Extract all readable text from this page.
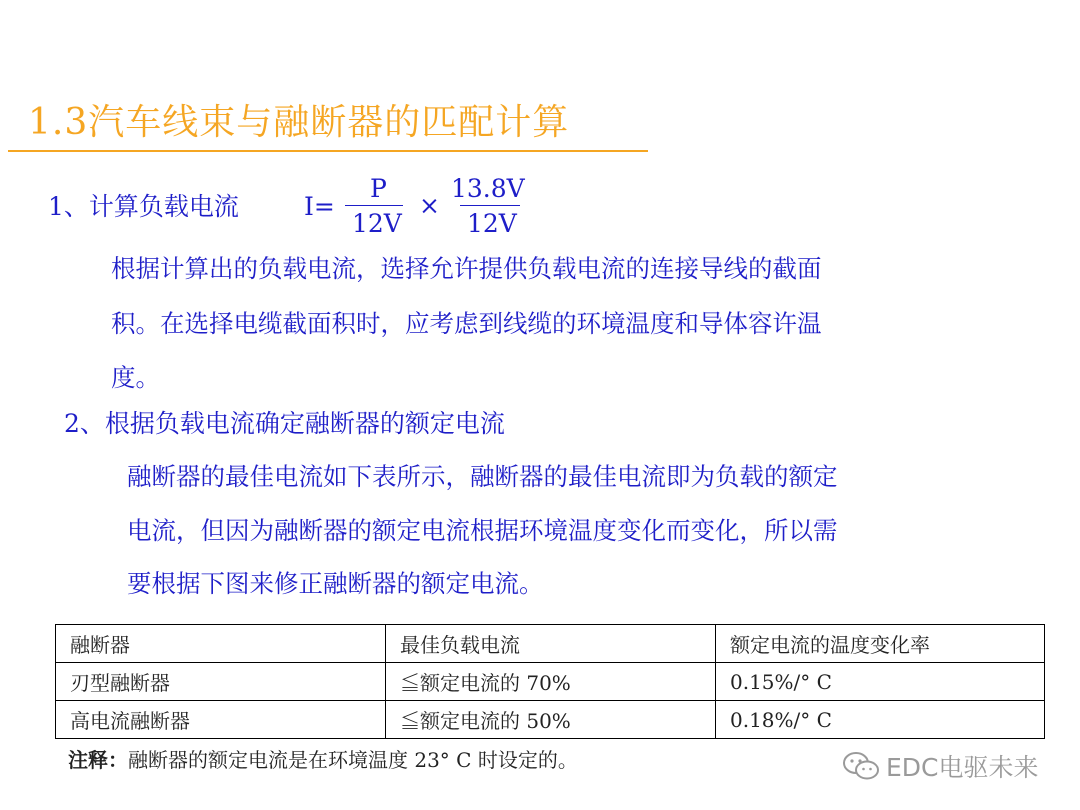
1.3汽车线束与融断器的匹配计算
1、计算负载电流	I=
P
12V
×
13.8V
12V
根据计算出的负载电流，选择允许提供负载电流的连接导线的截面
积。在选择电缆截面积时，应考虑到线缆的环境温度和导体容许温
度。
2、根据负载电流确定融断器的额定电流
融断器的最佳电流如下表所示，融断器的最佳电流即为负载的额定
电流，但因为融断器的额定电流根据环境温度变化而变化，所以需
要根据下图来修正融断器的额定电流。
融断器	最佳负载电流	额定电流的温度变化率
刃型融断器	≦额定电流的 70%	0.15%/° C
高电流融断器	≦额定电流的 50%	0.18%/° C
注释：融断器的额定电流是在环境温度 23° C 时设定的。	EDC电驱未来
